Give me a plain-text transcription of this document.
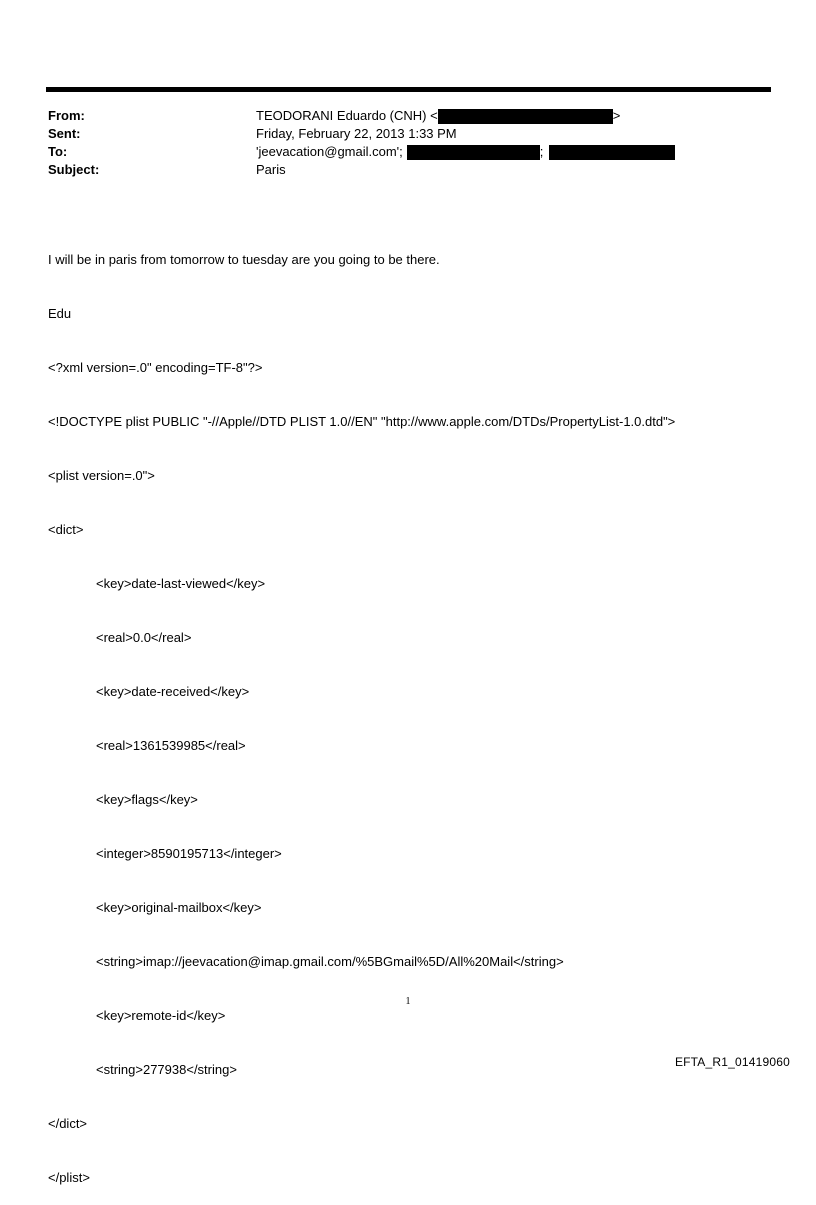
From:	TEODORANI Eduardo (CNH) <	>
Sent:	Friday, February 22, 2013 1:33 PM
To:	'jeevacation@gmail.com';	;
Subject:	Paris

I will be in paris from tomorrow to tuesday are you going to be there.

Edu

<?xml version=.0" encoding=TF-8"?>

<!DOCTYPE plist PUBLIC "-//Apple//DTD PLIST 1.0//EN" "http://www.apple.com/DTDs/PropertyList-1.0.dtd">

<plist version=.0">

<dict>

<key>date-last-viewed</key>

<real>0.0</real>

<key>date-received</key>

<real>1361539985</real>

<key>flags</key>

<integer>8590195713</integer>

<key>original-mailbox</key>

<string>imap://jeevacation@imap.gmail.com/%5BGmail%5D/All%20Mail</string>

<key>remote-id</key>

<string>277938</string>

</dict>

</plist>

1
EFTA_R1_01419060
